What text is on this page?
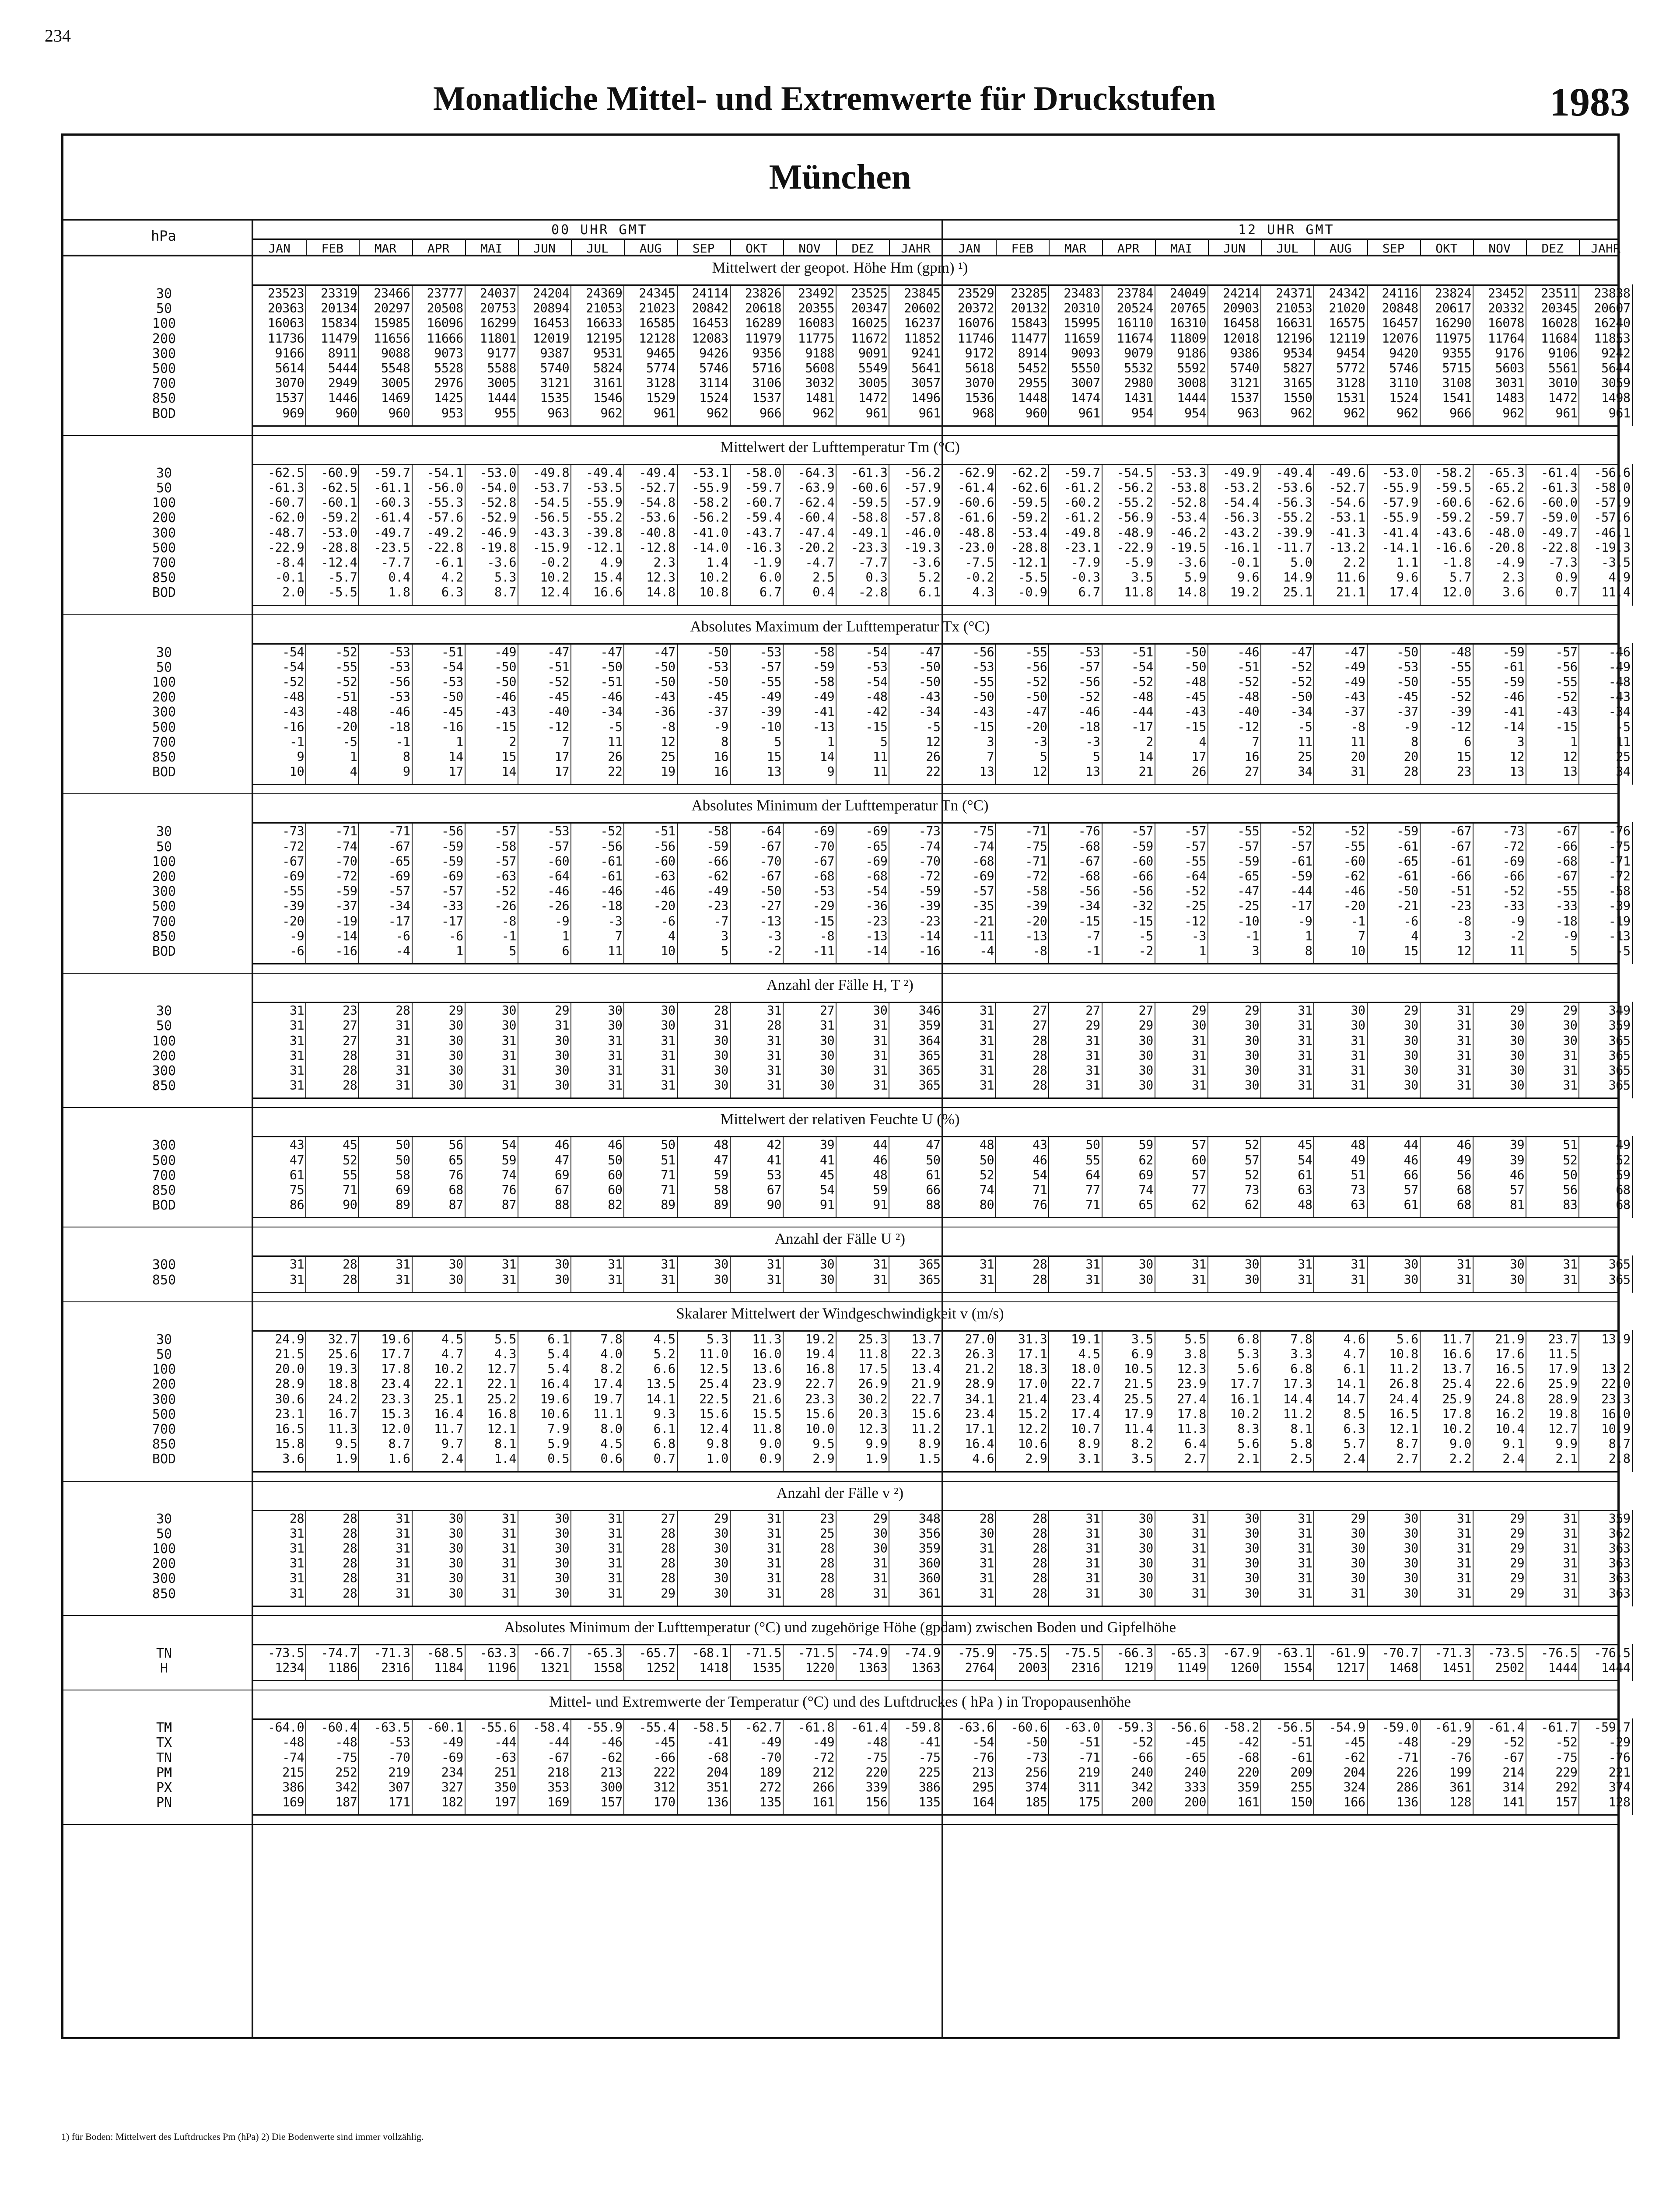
234
Monatliche Mittel- und Extremwerte für Druckstufen	1983
München
hPa	00 UHR GMT	12 UHR GMT
JAN	FEB	MAR	APR	MAI	JUN	JUL	AUG	SEP	OKT	NOV	DEZ	JAHR	JAN	FEB	MAR	APR	MAI	JUN	JUL	AUG	SEP	OKT	NOV	DEZ	JAHR
Mittelwert der geopot. Höhe Hm (gpm) ¹)
30	23523	23319	23466	23777	24037	24204	24369	24345	24114	23826	23492	23525	23845	23529	23285	23483	23784	24049	24214	24371	24342	24116	23824	23452	23511	23838
50	20363	20134	20297	20508	20753	20894	21053	21023	20842	20618	20355	20347	20602	20372	20132	20310	20524	20765	20903	21053	21020	20848	20617	20332	20345	20607
100	16063	15834	15985	16096	16299	16453	16633	16585	16453	16289	16083	16025	16237	16076	15843	15995	16110	16310	16458	16631	16575	16457	16290	16078	16028	16240
200	11736	11479	11656	11666	11801	12019	12195	12128	12083	11979	11775	11672	11852	11746	11477	11659	11674	11809	12018	12196	12119	12076	11975	11764	11684	11853
300	9166	8911	9088	9073	9177	9387	9531	9465	9426	9356	9188	9091	9241	9172	8914	9093	9079	9186	9386	9534	9454	9420	9355	9176	9106	9242
500	5614	5444	5548	5528	5588	5740	5824	5774	5746	5716	5608	5549	5641	5618	5452	5550	5532	5592	5740	5827	5772	5746	5715	5603	5561	5644
700	3070	2949	3005	2976	3005	3121	3161	3128	3114	3106	3032	3005	3057	3070	2955	3007	2980	3008	3121	3165	3128	3110	3108	3031	3010	3059
850	1537	1446	1469	1425	1444	1535	1546	1529	1524	1537	1481	1472	1496	1536	1448	1474	1431	1444	1537	1550	1531	1524	1541	1483	1472	1498
BOD	969	960	960	953	955	963	962	961	962	966	962	961	961	968	960	961	954	954	963	962	962	962	966	962	961	961
Mittelwert der Lufttemperatur Tm (°C)
30	-62.5	-60.9	-59.7	-54.1	-53.0	-49.8	-49.4	-49.4	-53.1	-58.0	-64.3	-61.3	-56.2	-62.9	-62.2	-59.7	-54.5	-53.3	-49.9	-49.4	-49.6	-53.0	-58.2	-65.3	-61.4	-56.6
50	-61.3	-62.5	-61.1	-56.0	-54.0	-53.7	-53.5	-52.7	-55.9	-59.7	-63.9	-60.6	-57.9	-61.4	-62.6	-61.2	-56.2	-53.8	-53.2	-53.6	-52.7	-55.9	-59.5	-65.2	-61.3	-58.0
100	-60.7	-60.1	-60.3	-55.3	-52.8	-54.5	-55.9	-54.8	-58.2	-60.7	-62.4	-59.5	-57.9	-60.6	-59.5	-60.2	-55.2	-52.8	-54.4	-56.3	-54.6	-57.9	-60.6	-62.6	-60.0	-57.9
200	-62.0	-59.2	-61.4	-57.6	-52.9	-56.5	-55.2	-53.6	-56.2	-59.4	-60.4	-58.8	-57.8	-61.6	-59.2	-61.2	-56.9	-53.4	-56.3	-55.2	-53.1	-55.9	-59.2	-59.7	-59.0	-57.6
300	-48.7	-53.0	-49.7	-49.2	-46.9	-43.3	-39.8	-40.8	-41.0	-43.7	-47.4	-49.1	-46.0	-48.8	-53.4	-49.8	-48.9	-46.2	-43.2	-39.9	-41.3	-41.4	-43.6	-48.0	-49.7	-46.1
500	-22.9	-28.8	-23.5	-22.8	-19.8	-15.9	-12.1	-12.8	-14.0	-16.3	-20.2	-23.3	-19.3	-23.0	-28.8	-23.1	-22.9	-19.5	-16.1	-11.7	-13.2	-14.1	-16.6	-20.8	-22.8	-19.3
700	-8.4	-12.4	-7.7	-6.1	-3.6	-0.2	4.9	2.3	1.4	-1.9	-4.7	-7.7	-3.6	-7.5	-12.1	-7.9	-5.9	-3.6	-0.1	5.0	2.2	1.1	-1.8	-4.9	-7.3	-3.5
850	-0.1	-5.7	0.4	4.2	5.3	10.2	15.4	12.3	10.2	6.0	2.5	0.3	5.2	-0.2	-5.5	-0.3	3.5	5.9	9.6	14.9	11.6	9.6	5.7	2.3	0.9	4.9
BOD	2.0	-5.5	1.8	6.3	8.7	12.4	16.6	14.8	10.8	6.7	0.4	-2.8	6.1	4.3	-0.9	6.7	11.8	14.8	19.2	25.1	21.1	17.4	12.0	3.6	0.7	11.4
Absolutes Maximum der Lufttemperatur Tx (°C)
30	-54	-52	-53	-51	-49	-47	-47	-47	-50	-53	-58	-54	-47	-56	-55	-53	-51	-50	-46	-47	-47	-50	-48	-59	-57	-46
50	-54	-55	-53	-54	-50	-51	-50	-50	-53	-57	-59	-53	-50	-53	-56	-57	-54	-50	-51	-52	-49	-53	-55	-61	-56	-49
100	-52	-52	-56	-53	-50	-52	-51	-50	-50	-55	-58	-54	-50	-55	-52	-56	-52	-48	-52	-52	-49	-50	-55	-59	-55	-48
200	-48	-51	-53	-50	-46	-45	-46	-43	-45	-49	-49	-48	-43	-50	-50	-52	-48	-45	-48	-50	-43	-45	-52	-46	-52	-43
300	-43	-48	-46	-45	-43	-40	-34	-36	-37	-39	-41	-42	-34	-43	-47	-46	-44	-43	-40	-34	-37	-37	-39	-41	-43	-34
500	-16	-20	-18	-16	-15	-12	-5	-8	-9	-10	-13	-15	-5	-15	-20	-18	-17	-15	-12	-5	-8	-9	-12	-14	-15	-5
700	-1	-5	-1	1	2	7	11	12	8	5	1	5	12	3	-3	-3	2	4	7	11	11	8	6	3	1	11
850	9	1	8	14	15	17	26	25	16	15	14	11	26	7	5	5	14	17	16	25	20	20	15	12	12	25
BOD	10	4	9	17	14	17	22	19	16	13	9	11	22	13	12	13	21	26	27	34	31	28	23	13	13	34
Absolutes Minimum der Lufttemperatur Tn (°C)
30	-73	-71	-71	-56	-57	-53	-52	-51	-58	-64	-69	-69	-73	-75	-71	-76	-57	-57	-55	-52	-52	-59	-67	-73	-67	-76
50	-72	-74	-67	-59	-58	-57	-56	-56	-59	-67	-70	-65	-74	-74	-75	-68	-59	-57	-57	-57	-55	-61	-67	-72	-66	-75
100	-67	-70	-65	-59	-57	-60	-61	-60	-66	-70	-67	-69	-70	-68	-71	-67	-60	-55	-59	-61	-60	-65	-61	-69	-68	-71
200	-69	-72	-69	-69	-63	-64	-61	-63	-62	-67	-68	-68	-72	-69	-72	-68	-66	-64	-65	-59	-62	-61	-66	-66	-67	-72
300	-55	-59	-57	-57	-52	-46	-46	-46	-49	-50	-53	-54	-59	-57	-58	-56	-56	-52	-47	-44	-46	-50	-51	-52	-55	-58
500	-39	-37	-34	-33	-26	-26	-18	-20	-23	-27	-29	-36	-39	-35	-39	-34	-32	-25	-25	-17	-20	-21	-23	-33	-33	-39
700	-20	-19	-17	-17	-8	-9	-3	-6	-7	-13	-15	-23	-23	-21	-20	-15	-15	-12	-10	-9	-1	-6	-8	-9	-18	-19
850	-9	-14	-6	-6	-1	1	7	4	3	-3	-8	-13	-14	-11	-13	-7	-5	-3	-1	1	7	4	3	-2	-9	-13
BOD	-6	-16	-4	1	5	6	11	10	5	-2	-11	-14	-16	-4	-8	-1	-2	1	3	8	10	15	12	11	5	-5
Anzahl der Fälle H, T ²)
30	31	23	28	29	30	29	30	30	28	31	27	30	346	31	27	27	27	29	29	31	30	29	31	29	29	349
50	31	27	31	30	30	31	30	30	31	28	31	31	359	31	27	29	29	30	30	31	30	30	31	30	30	359
100	31	27	31	30	31	30	31	31	30	31	30	31	364	31	28	31	30	31	30	31	31	30	31	30	30	365
200	31	28	31	30	31	30	31	31	30	31	30	31	365	31	28	31	30	31	30	31	31	30	31	30	31	365
300	31	28	31	30	31	30	31	31	30	31	30	31	365	31	28	31	30	31	30	31	31	30	31	30	31	365
850	31	28	31	30	31	30	31	31	30	31	30	31	365	31	28	31	30	31	30	31	31	30	31	30	31	365
Mittelwert der relativen Feuchte U (%)
300	43	45	50	56	54	46	46	50	48	42	39	44	47	48	43	50	59	57	52	45	48	44	46	39	51	49
500	47	52	50	65	59	47	50	51	47	41	41	46	50	50	46	55	62	60	57	54	49	46	49	39	52	52
700	61	55	58	76	74	69	60	71	59	53	45	48	61	52	54	64	69	57	52	61	51	66	56	46	50	59
850	75	71	69	68	76	67	60	71	58	67	54	59	66	74	71	77	74	77	73	63	73	57	68	57	56	68
BOD	86	90	89	87	87	88	82	89	89	90	91	91	88	80	76	71	65	62	62	48	63	61	68	81	83	68
Anzahl der Fälle U ²)
300	31	28	31	30	31	30	31	31	30	31	30	31	365	31	28	31	30	31	30	31	31	30	31	30	31	365
850	31	28	31	30	31	30	31	31	30	31	30	31	365	31	28	31	30	31	30	31	31	30	31	30	31	365
Skalarer Mittelwert der Windgeschwindigkeit v (m/s)
30	24.9	32.7	19.6	4.5	5.5	6.1	7.8	4.5	5.3	11.3	19.2	25.3	13.7	27.0	31.3	19.1	3.5	5.5	6.8	7.8	4.6	5.6	11.7	21.9	23.7	13.9
50	21.5	25.6	17.7	4.7	4.3	5.4	4.0	5.2	11.0	16.0	19.4	11.8	22.3	26.3	17.1	4.5	6.9	3.8	5.3	3.3	4.7	10.8	16.6	17.6	11.5
100	20.0	19.3	17.8	10.2	12.7	5.4	8.2	6.6	12.5	13.6	16.8	17.5	13.4	21.2	18.3	18.0	10.5	12.3	5.6	6.8	6.1	11.2	13.7	16.5	17.9	13.2
200	28.9	18.8	23.4	22.1	22.1	16.4	17.4	13.5	25.4	23.9	22.7	26.9	21.9	28.9	17.0	22.7	21.5	23.9	17.7	17.3	14.1	26.8	25.4	22.6	25.9	22.0
300	30.6	24.2	23.3	25.1	25.2	19.6	19.7	14.1	22.5	21.6	23.3	30.2	22.7	34.1	21.4	23.4	25.5	27.4	16.1	14.4	14.7	24.4	25.9	24.8	28.9	23.3
500	23.1	16.7	15.3	16.4	16.8	10.6	11.1	9.3	15.6	15.5	15.6	20.3	15.6	23.4	15.2	17.4	17.9	17.8	10.2	11.2	8.5	16.5	17.8	16.2	19.8	16.0
700	16.5	11.3	12.0	11.7	12.1	7.9	8.0	6.1	12.4	11.8	10.0	12.3	11.2	17.1	12.2	10.7	11.4	11.3	8.3	8.1	6.3	12.1	10.2	10.4	12.7	10.9
850	15.8	9.5	8.7	9.7	8.1	5.9	4.5	6.8	9.8	9.0	9.5	9.9	8.9	16.4	10.6	8.9	8.2	6.4	5.6	5.8	5.7	8.7	9.0	9.1	9.9	8.7
BOD	3.6	1.9	1.6	2.4	1.4	0.5	0.6	0.7	1.0	0.9	2.9	1.9	1.5	4.6	2.9	3.1	3.5	2.7	2.1	2.5	2.4	2.7	2.2	2.4	2.1	2.8
Anzahl der Fälle v ²)
30	28	28	31	30	31	30	31	27	29	31	23	29	348	28	28	31	30	31	30	31	29	30	31	29	31	359
50	31	28	31	30	31	30	31	28	30	31	25	30	356	30	28	31	30	31	30	31	30	30	31	29	31	362
100	31	28	31	30	31	30	31	28	30	31	28	30	359	31	28	31	30	31	30	31	30	30	31	29	31	363
200	31	28	31	30	31	30	31	28	30	31	28	31	360	31	28	31	30	31	30	31	30	30	31	29	31	363
300	31	28	31	30	31	30	31	28	30	31	28	31	360	31	28	31	30	31	30	31	30	30	31	29	31	363
850	31	28	31	30	31	30	31	29	30	31	28	31	361	31	28	31	30	31	30	31	31	30	31	29	31	363
Absolutes Minimum der Lufttemperatur (°C) und zugehörige Höhe (gpdam) zwischen Boden und Gipfelhöhe
TN	-73.5	-74.7	-71.3	-68.5	-63.3	-66.7	-65.3	-65.7	-68.1	-71.5	-71.5	-74.9	-74.9	-75.9	-75.5	-75.5	-66.3	-65.3	-67.9	-63.1	-61.9	-70.7	-71.3	-73.5	-76.5	-76.5
H	1234	1186	2316	1184	1196	1321	1558	1252	1418	1535	1220	1363	1363	2764	2003	2316	1219	1149	1260	1554	1217	1468	1451	2502	1444	1444
Mittel- und Extremwerte der Temperatur (°C) und des Luftdruckes ( hPa ) in Tropopausenhöhe
TM	-64.0	-60.4	-63.5	-60.1	-55.6	-58.4	-55.9	-55.4	-58.5	-62.7	-61.8	-61.4	-59.8	-63.6	-60.6	-63.0	-59.3	-56.6	-58.2	-56.5	-54.9	-59.0	-61.9	-61.4	-61.7	-59.7
TX	-48	-48	-53	-49	-44	-44	-46	-45	-41	-49	-49	-48	-41	-54	-50	-51	-52	-45	-42	-51	-45	-48	-29	-52	-52	-29
TN	-74	-75	-70	-69	-63	-67	-62	-66	-68	-70	-72	-75	-75	-76	-73	-71	-66	-65	-68	-61	-62	-71	-76	-67	-75	-76
PM	215	252	219	234	251	218	213	222	204	189	212	220	225	213	256	219	240	240	220	209	204	226	199	214	229	221
PX	386	342	307	327	350	353	300	312	351	272	266	339	386	295	374	311	342	333	359	255	324	286	361	314	292	374
PN	169	187	171	182	197	169	157	170	136	135	161	156	135	164	185	175	200	200	161	150	166	136	128	141	157	128
1) für Boden: Mittelwert des Luftdruckes Pm (hPa) 2) Die Bodenwerte sind immer vollzählig.
